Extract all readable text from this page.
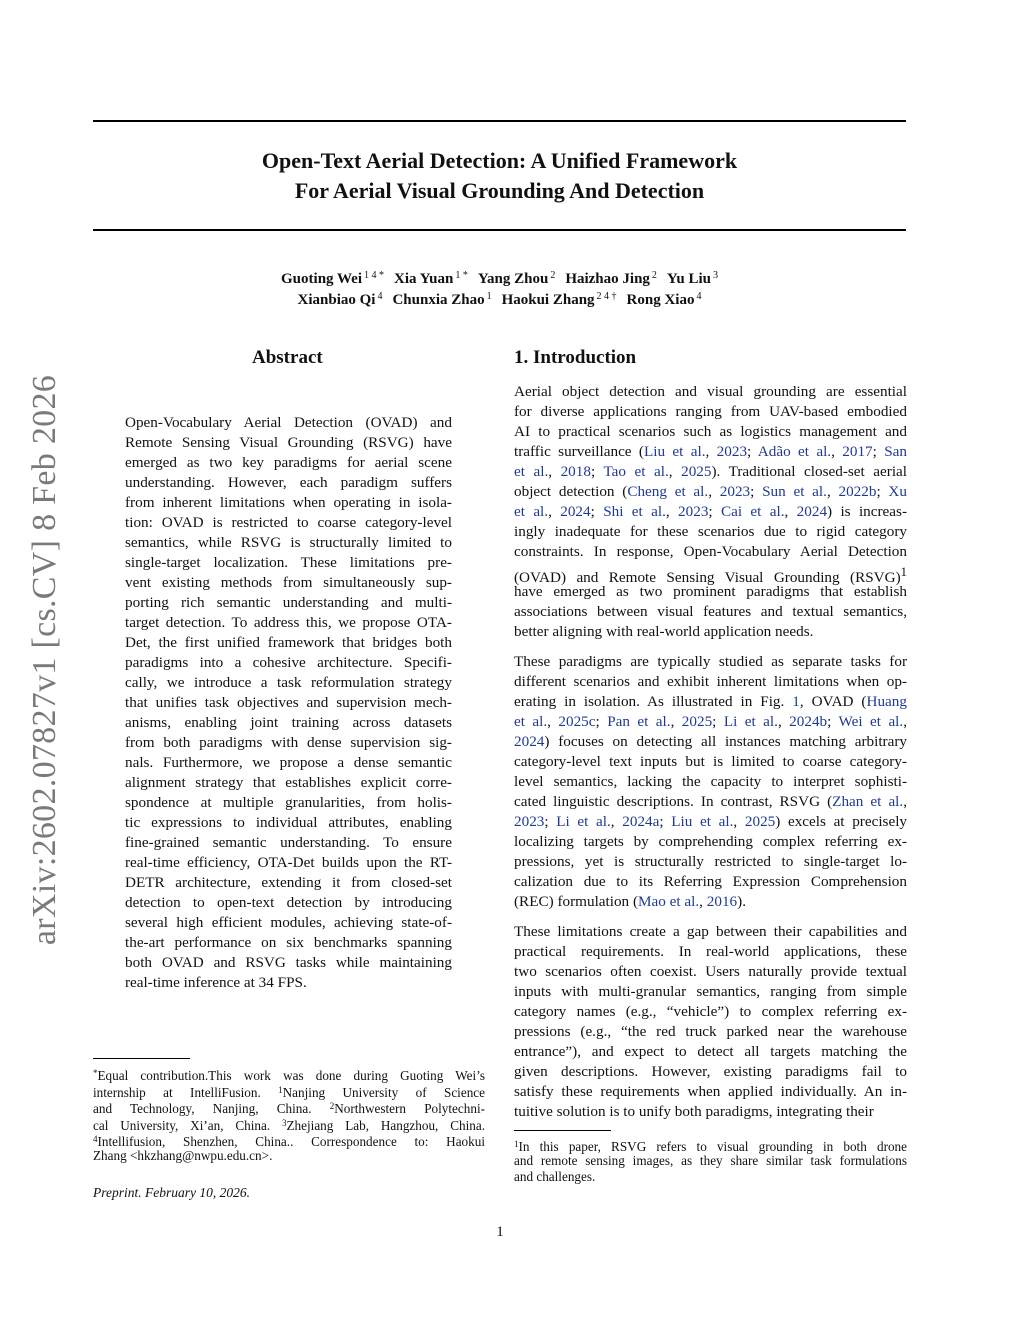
Open-Text Aerial Detection: A Unified Framework
For Aerial Visual Grounding And Detection
Guoting Wei $^{1 4 *}$ Xia Yuan $^{1 *}$ Yang Zhou $^2$ Haizhao Jing $^2$ Yu Liu $^3$
Xianbiao Qi $^4$ Chunxia Zhao $^1$ Haokui Zhang $^{2 4 \dagger}$ Rong Xiao $^4$
arXiv:2602.07827v1 [cs.CV] 8 Feb 2026
Abstract	1. Introduction
Open-Vocabulary Aerial Detection (OVAD) and
Remote Sensing Visual Grounding (RSVG) have
emerged as two key paradigms for aerial scene
understanding. However, each paradigm suffers
from inherent limitations when operating in isola-
tion: OVAD is restricted to coarse category-level
semantics, while RSVG is structurally limited to
single-target localization. These limitations pre-
vent existing methods from simultaneously sup-
porting rich semantic understanding and multi-
target detection. To address this, we propose OTA-
Det, the first unified framework that bridges both
paradigms into a cohesive architecture. Specifi-
cally, we introduce a task reformulation strategy
that unifies task objectives and supervision mech-
anisms, enabling joint training across datasets
from both paradigms with dense supervision sig-
nals. Furthermore, we propose a dense semantic
alignment strategy that establishes explicit corre-
spondence at multiple granularities, from holis-
tic expressions to individual attributes, enabling
fine-grained semantic understanding. To ensure
real-time efficiency, OTA-Det builds upon the RT-
DETR architecture, extending it from closed-set
detection to open-text detection by introducing
several high efficient modules, achieving state-of-
the-art performance on six benchmarks spanning
both OVAD and RSVG tasks while maintaining
real-time inference at 34 FPS.
Aerial object detection and visual grounding are essential
for diverse applications ranging from UAV-based embodied
AI to practical scenarios such as logistics management and
traffic surveillance (Liu et al., 2023; Adão et al., 2017; San
et al., 2018; Tao et al., 2025). Traditional closed-set aerial
object detection (Cheng et al., 2023; Sun et al., 2022b; Xu
et al., 2024; Shi et al., 2023; Cai et al., 2024) is increas-
ingly inadequate for these scenarios due to rigid category
constraints. In response, Open-Vocabulary Aerial Detection
(OVAD) and Remote Sensing Visual Grounding (RSVG)$^1$
have emerged as two prominent paradigms that establish
associations between visual features and textual semantics,
better aligning with real-world application needs.
These paradigms are typically studied as separate tasks for
different scenarios and exhibit inherent limitations when op-
erating in isolation. As illustrated in Fig. 1, OVAD (Huang
et al., 2025c; Pan et al., 2025; Li et al., 2024b; Wei et al.,
2024) focuses on detecting all instances matching arbitrary
category-level text inputs but is limited to coarse category-
level semantics, lacking the capacity to interpret sophisti-
cated linguistic descriptions. In contrast, RSVG (Zhan et al.,
2023; Li et al., 2024a; Liu et al., 2025) excels at precisely
localizing targets by comprehending complex referring ex-
pressions, yet is structurally restricted to single-target lo-
calization due to its Referring Expression Comprehension
(REC) formulation (Mao et al., 2016).
These limitations create a gap between their capabilities and
practical requirements. In real-world applications, these
two scenarios often coexist. Users naturally provide textual
inputs with multi-granular semantics, ranging from simple
category names (e.g., “vehicle”) to complex referring ex-
pressions (e.g., “the red truck parked near the warehouse
entrance”), and expect to detect all targets matching the
given descriptions. However, existing paradigms fail to
satisfy these requirements when applied individually. An in-
tuitive solution is to unify both paradigms, integrating their
*Equal contribution.This work was done during Guoting Wei’s
internship at IntelliFusion. $^1$Nanjing University of Science
and Technology, Nanjing, China. $^2$Northwestern Polytechni-
cal University, Xi’an, China. $^3$Zhejiang Lab, Hangzhou, China.
$^4$Intellifusion, Shenzhen, China.. Correspondence to: Haokui
Zhang <hkzhang@nwpu.edu.cn>.
$^1$In this paper, RSVG refers to visual grounding in both drone
and remote sensing images, as they share similar task formulations
and challenges.
Preprint. February 10, 2026.
1
